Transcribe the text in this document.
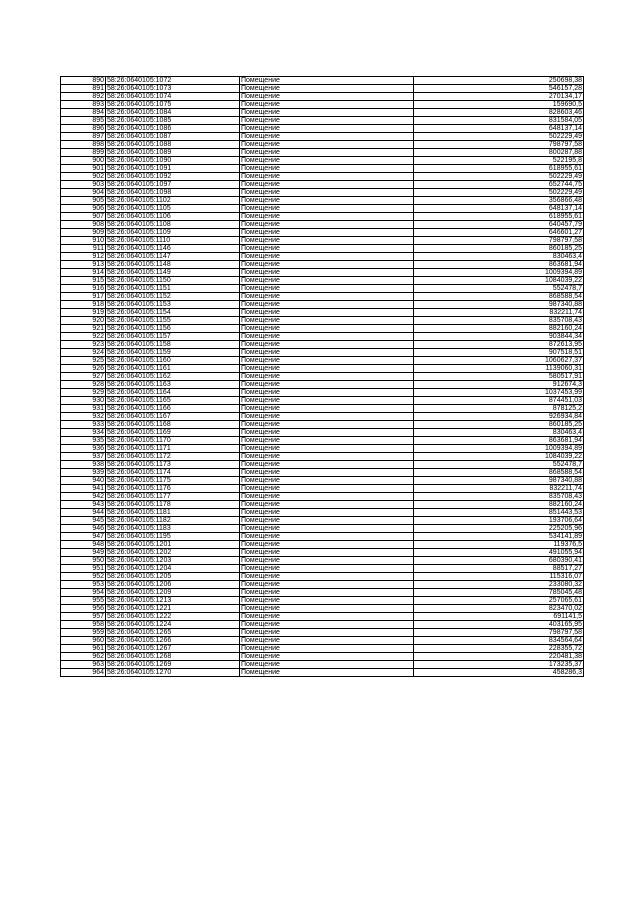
890	58:26:0640105:1072	Помещение	250698,38
891	58:26:0640105:1073	Помещение	546157,28
892	58:26:0640105:1074	Помещение	270134,17
893	58:26:0640105:1075	Помещение	159690,5
894	58:26:0640105:1084	Помещение	828603,46
895	58:26:0640105:1085	Помещение	831584,05
896	58:26:0640105:1086	Помещение	648137,14
897	58:26:0640105:1087	Помещение	502229,49
898	58:26:0640105:1088	Помещение	798797,58
899	58:26:0640105:1089	Помещение	800287,88
900	58:26:0640105:1090	Помещение	522195,8
901	58:26:0640105:1091	Помещение	618955,61
902	58:26:0640105:1092	Помещение	502229,49
903	58:26:0640105:1097	Помещение	652744,75
904	58:26:0640105:1098	Помещение	502229,49
905	58:26:0640105:1102	Помещение	356866,48
906	58:26:0640105:1105	Помещение	648137,14
907	58:26:0640105:1106	Помещение	618955,61
908	58:26:0640105:1108	Помещение	640457,79
909	58:26:0640105:1109	Помещение	646601,27
910	58:26:0640105:1110	Помещение	798797,58
911	58:26:0640105:1146	Помещение	860185,25
912	58:26:0640105:1147	Помещение	830463,4
913	58:26:0640105:1148	Помещение	863681,94
914	58:26:0640105:1149	Помещение	1009394,89
915	58:26:0640105:1150	Помещение	1084039,22
916	58:26:0640105:1151	Помещение	552478,7
917	58:26:0640105:1152	Помещение	868588,54
918	58:26:0640105:1153	Помещение	987340,88
919	58:26:0640105:1154	Помещение	832211,74
920	58:26:0640105:1155	Помещение	835708,43
921	58:26:0640105:1156	Помещение	882160,24
922	58:26:0640105:1157	Помещение	903844,34
923	58:26:0640105:1158	Помещение	872613,95
924	58:26:0640105:1159	Помещение	907518,51
925	58:26:0640105:1160	Помещение	1060627,37
926	58:26:0640105:1161	Помещение	1139060,31
927	58:26:0640105:1162	Помещение	580517,91
928	58:26:0640105:1163	Помещение	912674,3
929	58:26:0640105:1164	Помещение	1037453,99
930	58:26:0640105:1165	Помещение	874451,03
931	58:26:0640105:1166	Помещение	878125,2
932	58:26:0640105:1167	Помещение	926934,84
933	58:26:0640105:1168	Помещение	860185,25
934	58:26:0640105:1169	Помещение	830463,4
935	58:26:0640105:1170	Помещение	863681,94
936	58:26:0640105:1171	Помещение	1009394,89
937	58:26:0640105:1172	Помещение	1084039,22
938	58:26:0640105:1173	Помещение	552478,7
939	58:26:0640105:1174	Помещение	868588,54
940	58:26:0640105:1175	Помещение	987340,88
941	58:26:0640105:1176	Помещение	832211,74
942	58:26:0640105:1177	Помещение	835708,43
943	58:26:0640105:1178	Помещение	882160,24
944	58:26:0640105:1181	Помещение	851443,53
945	58:26:0640105:1182	Помещение	193706,64
946	58:26:0640105:1183	Помещение	225205,96
947	58:26:0640105:1195	Помещение	534141,89
948	58:26:0640105:1201	Помещение	119376,5
949	58:26:0640105:1202	Помещение	491055,94
950	58:26:0640105:1203	Помещение	680390,41
951	58:26:0640105:1204	Помещение	88517,27
952	58:26:0640105:1205	Помещение	115316,07
953	58:26:0640105:1206	Помещение	233080,32
954	58:26:0640105:1209	Помещение	785045,48
955	58:26:0640105:1213	Помещение	257065,61
956	58:26:0640105:1221	Помещение	823470,02
957	58:26:0640105:1222	Помещение	691141,5
958	58:26:0640105:1224	Помещение	403165,95
959	58:26:0640105:1265	Помещение	798797,58
960	58:26:0640105:1266	Помещение	834564,64
961	58:26:0640105:1267	Помещение	228355,72
962	58:26:0640105:1268	Помещение	220481,38
963	58:26:0640105:1269	Помещение	173235,37
964	58:26:0640105:1270	Помещение	458286,3
